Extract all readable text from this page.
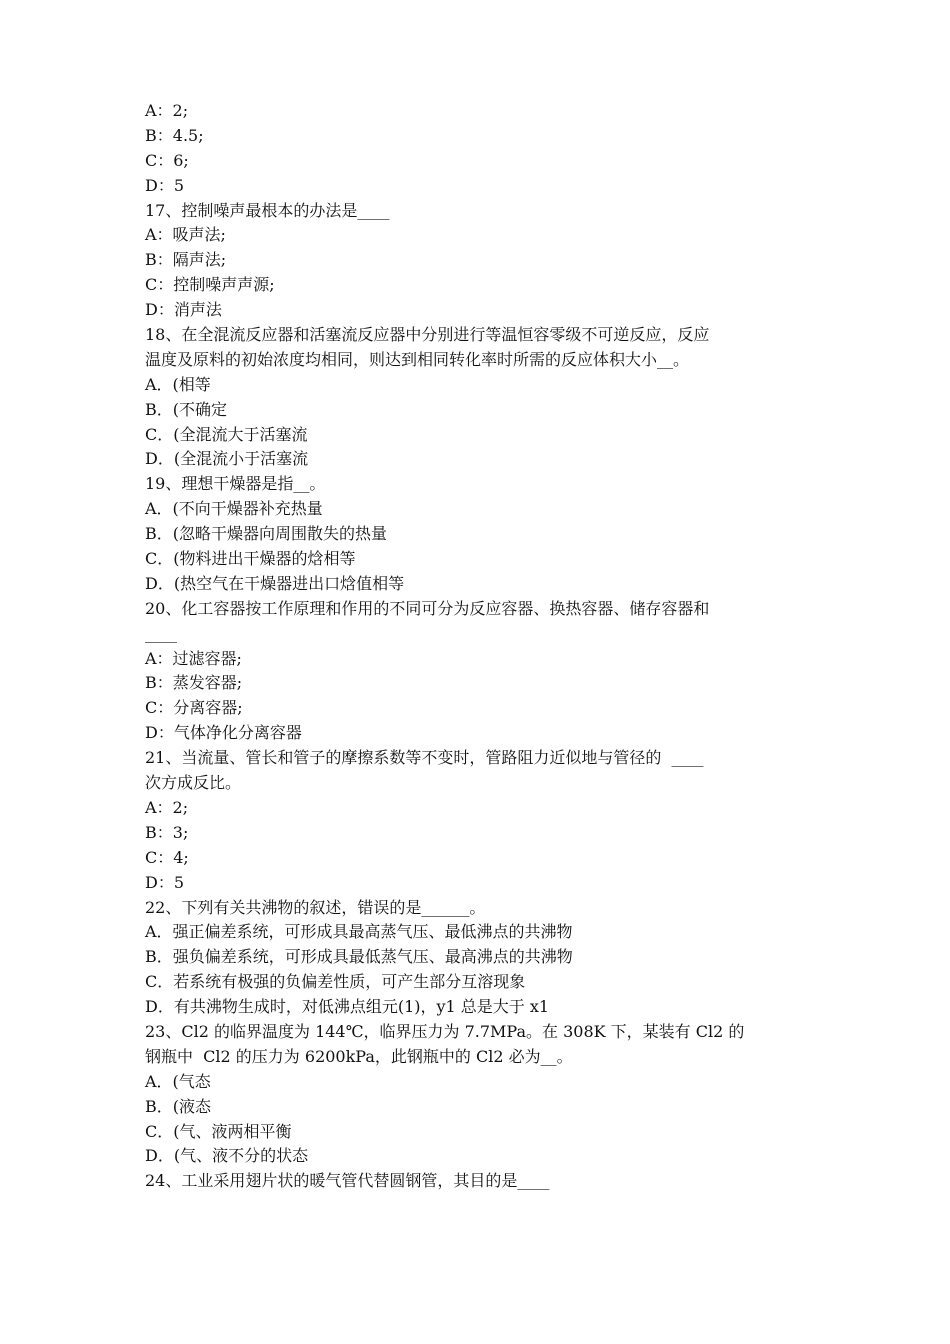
A：2;
B：4.5;
C：6;
D：5
17、控制噪声最根本的办法是____
A：吸声法;
B：隔声法;
C：控制噪声声源;
D：消声法
18、在全混流反应器和活塞流反应器中分别进行等温恒容零级不可逆反应，反应
温度及原料的初始浓度均相同，则达到相同转化率时所需的反应体积大小__。
A．(相等
B．(不确定
C．(全混流大于活塞流
D．(全混流小于活塞流
19、理想干燥器是指__。
A．(不向干燥器补充热量
B．(忽略干燥器向周围散失的热量
C．(物料进出干燥器的焓相等
D．(热空气在干燥器进出口焓值相等
20、化工容器按工作原理和作用的不同可分为反应容器、换热容器、储存容器和
____
A：过滤容器;
B：蒸发容器;
C：分离容器;
D：气体净化分离容器
21、当流量、管长和管子的摩擦系数等不变时，管路阻力近似地与管径的  ____
次方成反比。
A：2;
B：3;
C：4;
D：5
22、下列有关共沸物的叙述，错误的是______。
A．强正偏差系统，可形成具最高蒸气压、最低沸点的共沸物
B．强负偏差系统，可形成具最低蒸气压、最高沸点的共沸物
C．若系统有极强的负偏差性质，可产生部分互溶现象
D．有共沸物生成时，对低沸点组元(1)，y1 总是大于 x1
23、Cl2 的临界温度为 144℃，临界压力为 7.7MPa。在 308K 下，某装有 Cl2 的
钢瓶中  Cl2 的压力为 6200kPa，此钢瓶中的 Cl2 必为__。
A．(气态
B．(液态
C．(气、液两相平衡
D．(气、液不分的状态
24、工业采用翅片状的暖气管代替圆钢管，其目的是____
